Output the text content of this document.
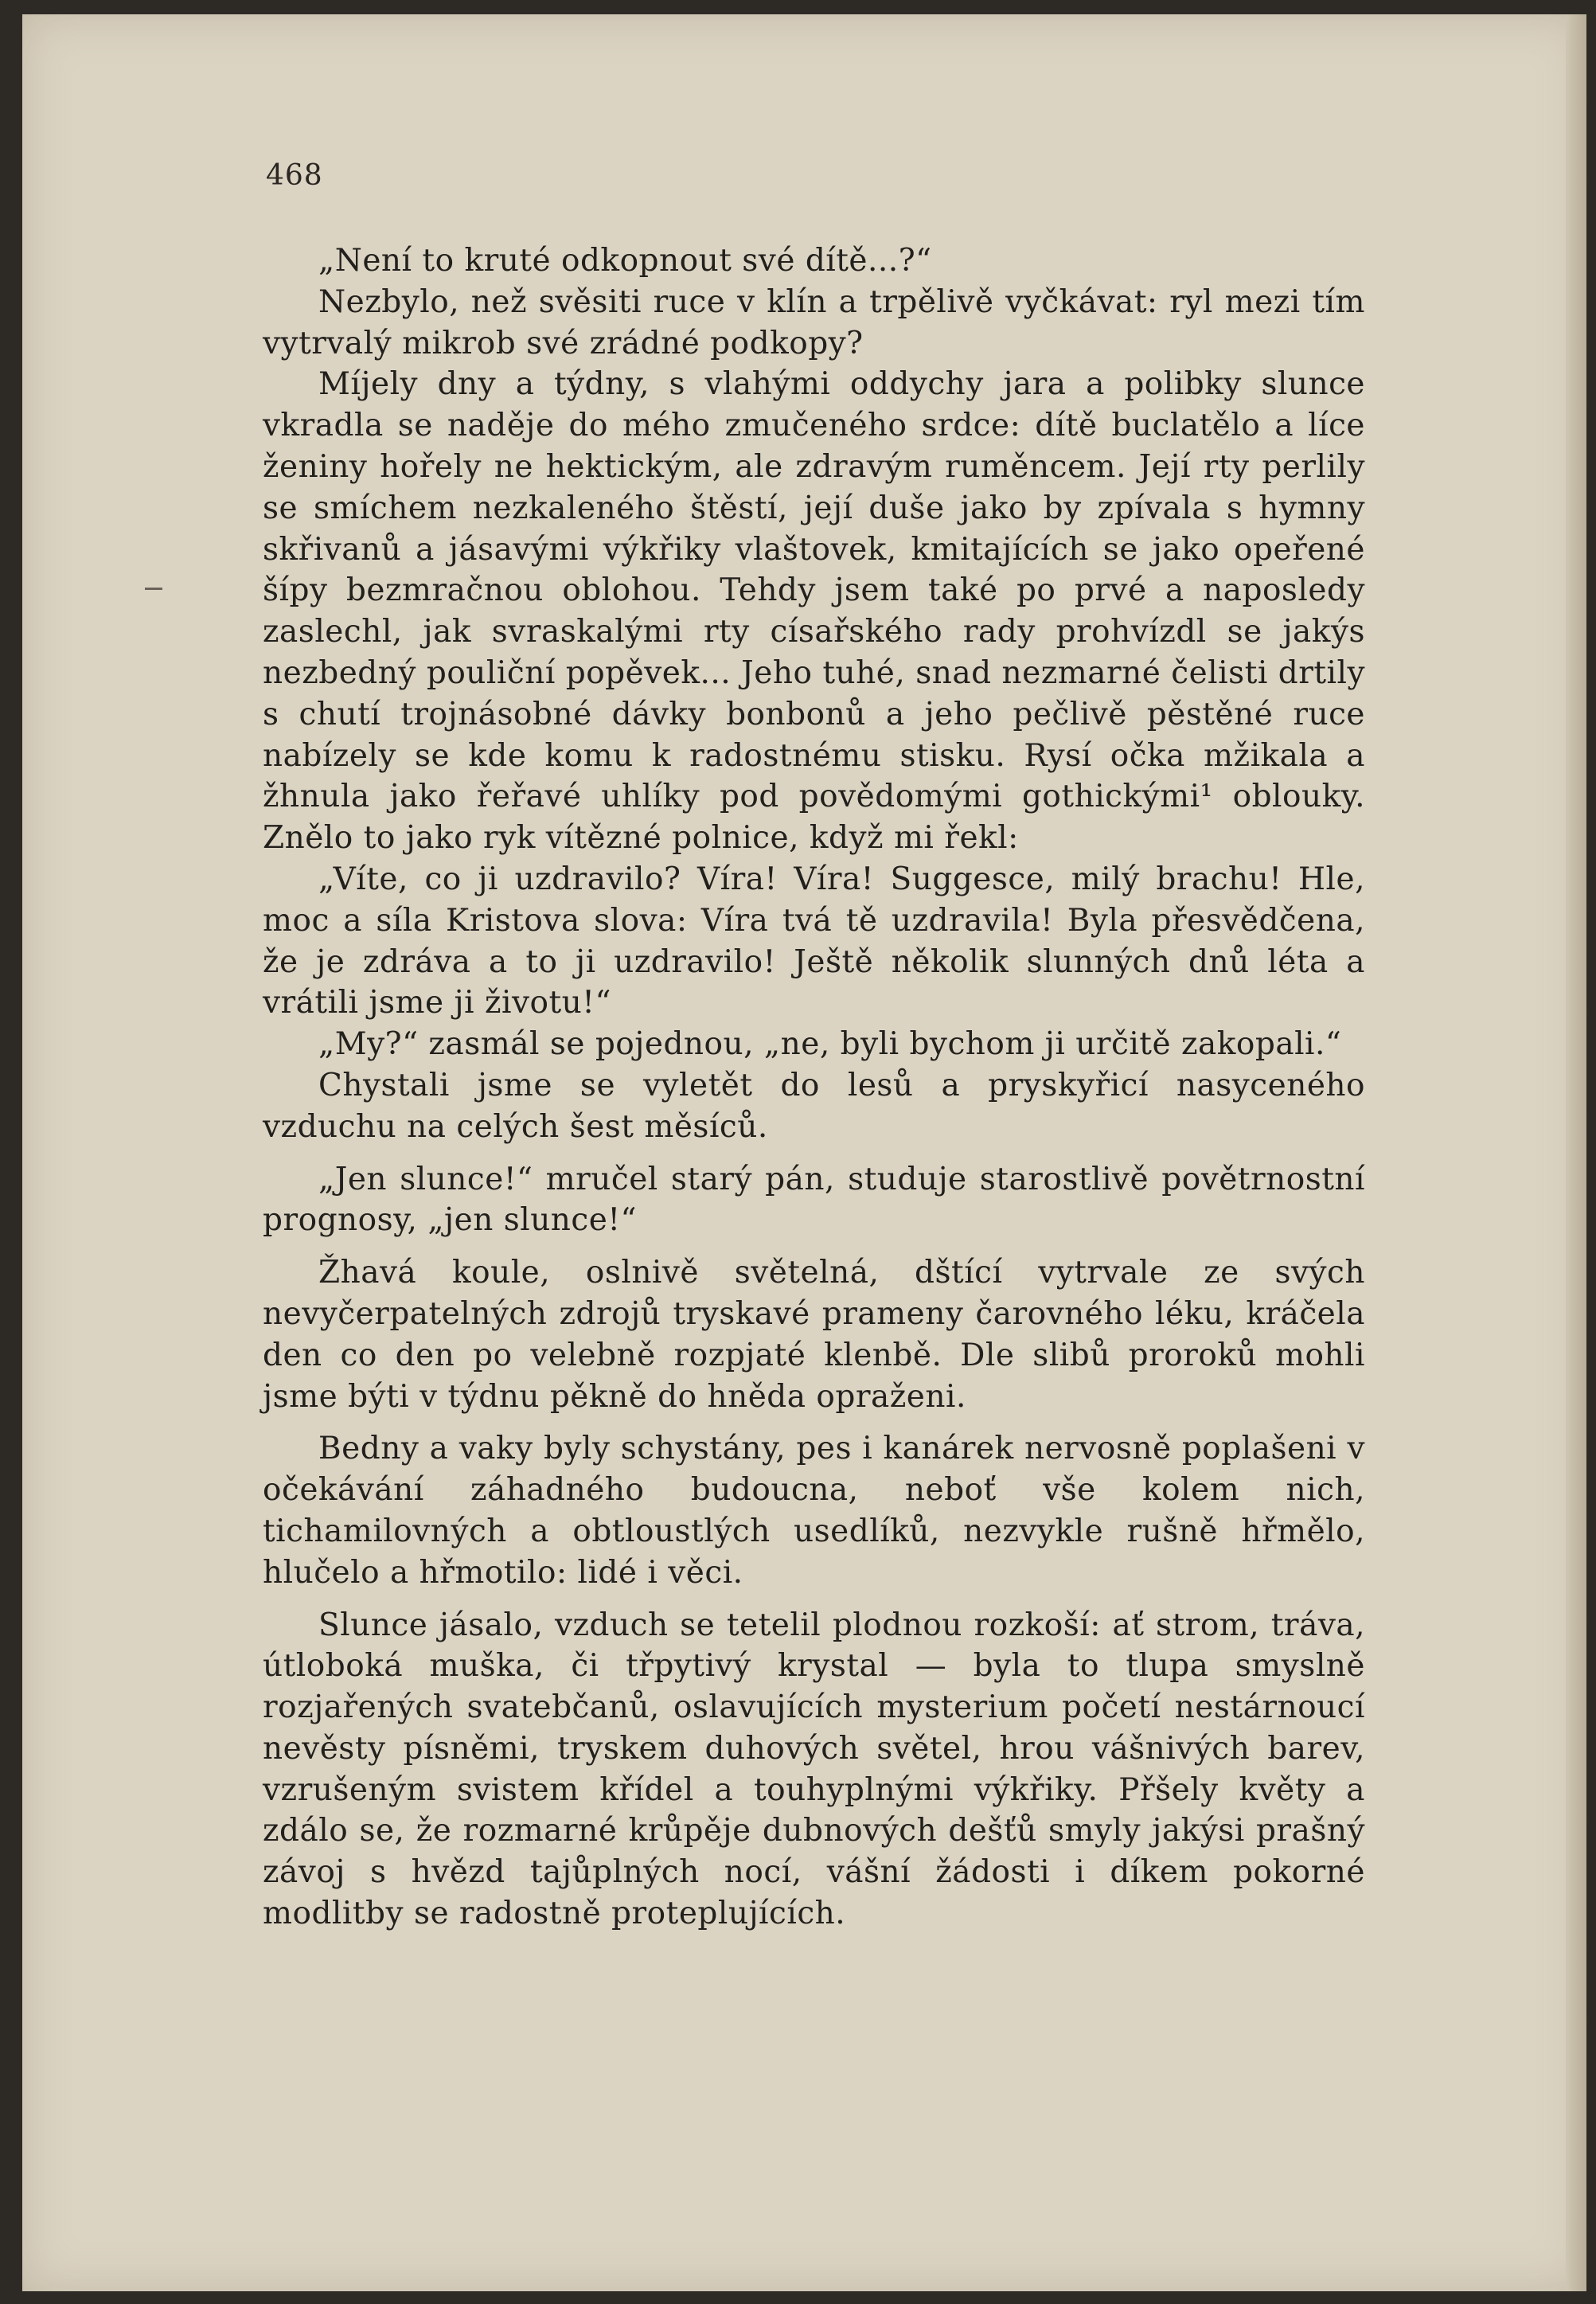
468

„Není to kruté odkopnout své dítě...?“

Nezbylo, než svěsiti ruce v klín a trpělivě vyčkávat: ryl mezi tím vytrvalý mikrob své zrádné podkopy?

Míjely dny a týdny, s vlahými oddychy jara a polibky slunce vkradla se naděje do mého zmučeného srdce: dítě buclatělo a líce ženiny hořely ne hektickým, ale zdravým ruměncem. Její rty perlily se smíchem nezkaleného štěstí, její duše jako by zpívala s hymny skřivanů a jásavými výkřiky vlaštovek, kmitajících se jako opeřené šípy bezmračnou oblohou. Tehdy jsem také po prvé a naposledy zaslechl, jak svraskalými rty císařského rady prohvízdl se jakýs nezbedný pouliční popěvek... Jeho tuhé, snad nezmarné čelisti drtily s chutí trojnásobné dávky bonbonů a jeho pečlivě pěstěné ruce nabízely se kde komu k radostnému stisku. Rysí očka mžikala a žhnula jako řeřavé uhlíky pod povědomými gothickými¹ oblouky. Znělo to jako ryk vítězné polnice, když mi řekl:

„Víte, co ji uzdravilo? Víra! Víra! Suggesce, milý brachu! Hle, moc a síla Kristova slova: Víra tvá tě uzdravila! Byla přesvědčena, že je zdráva a to ji uzdravilo! Ještě několik slunných dnů léta a vrátili jsme ji životu!“

„My?“ zasmál se pojednou, „ne, byli bychom ji určitě zakopali.“

Chystali jsme se vyletět do lesů a pryskyřicí nasyceného vzduchu na celých šest měsíců.

„Jen slunce!“ mručel starý pán, studuje starostlivě povětrnostní prognosy, „jen slunce!“

Žhavá koule, oslnivě světelná, dštící vytrvale ze svých nevyčerpatelných zdrojů tryskavé prameny čarovného léku, kráčela den co den po velebně rozpjaté klenbě. Dle slibů proroků mohli jsme býti v týdnu pěkně do hněda opraženi.

Bedny a vaky byly schystány, pes i kanárek nervosně poplašeni v očekávání záhadného budoucna, neboť vše kolem nich, tichamilovných a obtloustlých usedlíků, nezvykle rušně hřmělo, hlučelo a hřmotilo: lidé i věci.

Slunce jásalo, vzduch se tetelil plodnou rozkoší: ať strom, tráva, útloboká muška, či třpytivý krystal — byla to tlupa smyslně rozjařených svatebčanů, oslavujících mysterium početí nestárnoucí nevěsty písněmi, tryskem duhových světel, hrou vášnivých barev, vzrušeným svistem křídel a touhyplnými výkřiky. Přšely květy a zdálo se, že rozmarné krůpěje dubnových dešťů smyly jakýsi prašný závoj s hvězd tajůplných nocí, vášní žádosti i díkem pokorné modlitby se radostně proteplujících.
